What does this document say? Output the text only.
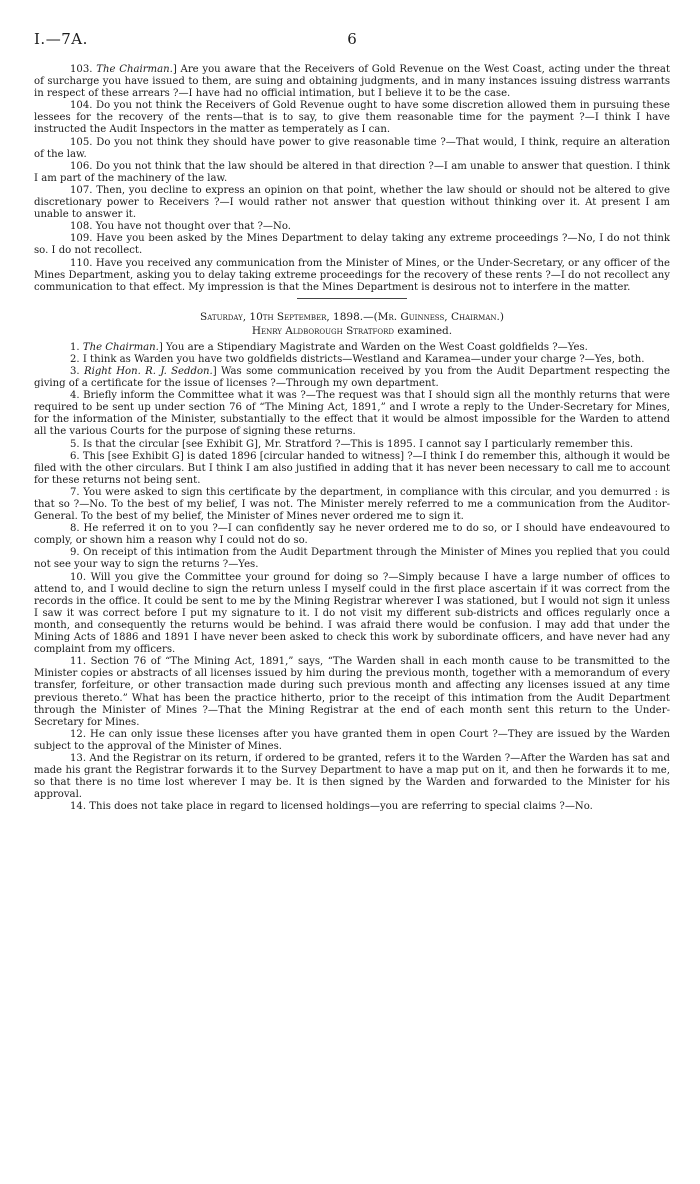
I.—7A.	6

103. The Chairman.] Are you aware that the Receivers of Gold Revenue on the West Coast, acting under the threat of surcharge you have issued to them, are suing and obtaining judgments, and in many instances issuing distress warrants in respect of these arrears ?—I have had no official intimation, but I believe it to be the case.

104. Do you not think the Receivers of Gold Revenue ought to have some discretion allowed them in pursuing these lessees for the recovery of the rents—that is to say, to give them reasonable time for the payment ?—I think I have instructed the Audit Inspectors in the matter as temperately as I can.

105. Do you not think they should have power to give reasonable time ?—That would, I think, require an alteration of the law.

106. Do you not think that the law should be altered in that direction ?—I am unable to answer that question. I think I am part of the machinery of the law.

107. Then, you decline to express an opinion on that point, whether the law should or should not be altered to give discretionary power to Receivers ?—I would rather not answer that question without thinking over it. At present I am unable to answer it.

108. You have not thought over that ?—No.

109. Have you been asked by the Mines Department to delay taking any extreme proceedings ?—No, I do not think so. I do not recollect.

110. Have you received any communication from the Minister of Mines, or the Under-Secretary, or any officer of the Mines Department, asking you to delay taking extreme proceedings for the recovery of these rents ?—I do not recollect any communication to that effect. My impression is that the Mines Department is desirous not to interfere in the matter.

Saturday, 10th September, 1898.—(Mr. Guinness, Chairman.)

Henry Aldborough Stratford examined.

1. The Chairman.] You are a Stipendiary Magistrate and Warden on the West Coast goldfields ?—Yes.

2. I think as Warden you have two goldfields districts—Westland and Karamea—under your charge ?—Yes, both.

3. Right Hon. R. J. Seddon.] Was some communication received by you from the Audit Department respecting the giving of a certificate for the issue of licenses ?—Through my own department.

4. Briefly inform the Committee what it was ?—The request was that I should sign all the monthly returns that were required to be sent up under section 76 of “The Mining Act, 1891,” and I wrote a reply to the Under-Secretary for Mines, for the information of the Minister, substantially to the effect that it would be almost impossible for the Warden to attend all the various Courts for the purpose of signing these returns.

5. Is that the circular [see Exhibit G], Mr. Stratford ?—This is 1895. I cannot say I particularly remember this.

6. This [see Exhibit G] is dated 1896 [circular handed to witness] ?—I think I do remember this, although it would be filed with the other circulars. But I think I am also justified in adding that it has never been necessary to call me to account for these returns not being sent.

7. You were asked to sign this certificate by the department, in compliance with this circular, and you demurred : is that so ?—No. To the best of my belief, I was not. The Minister merely referred to me a communication from the Auditor-General. To the best of my belief, the Minister of Mines never ordered me to sign it.

8. He referred it on to you ?—I can confidently say he never ordered me to do so, or I should have endeavoured to comply, or shown him a reason why I could not do so.

9. On receipt of this intimation from the Audit Department through the Minister of Mines you replied that you could not see your way to sign the returns ?—Yes.

10. Will you give the Committee your ground for doing so ?—Simply because I have a large number of offices to attend to, and I would decline to sign the return unless I myself could in the first place ascertain if it was correct from the records in the office. It could be sent to me by the Mining Registrar wherever I was stationed, but I would not sign it unless I saw it was correct before I put my signature to it. I do not visit my different sub-districts and offices regularly once a month, and consequently the returns would be behind. I was afraid there would be confusion. I may add that under the Mining Acts of 1886 and 1891 I have never been asked to check this work by subordinate officers, and have never had any complaint from my officers.

11. Section 76 of “The Mining Act, 1891,” says, “The Warden shall in each month cause to be transmitted to the Minister copies or abstracts of all licenses issued by him during the previous month, together with a memorandum of every transfer, forfeiture, or other transaction made during such previous month and affecting any licenses issued at any time previous thereto.” What has been the practice hitherto, prior to the receipt of this intimation from the Audit Department through the Minister of Mines ?—That the Mining Registrar at the end of each month sent this return to the Under-Secretary for Mines.

12. He can only issue these licenses after you have granted them in open Court ?—They are issued by the Warden subject to the approval of the Minister of Mines.

13. And the Registrar on its return, if ordered to be granted, refers it to the Warden ?—After the Warden has sat and made his grant the Registrar forwards it to the Survey Department to have a map put on it, and then he forwards it to me, so that there is no time lost wherever I may be. It is then signed by the Warden and forwarded to the Minister for his approval.

14. This does not take place in regard to licensed holdings—you are referring to special claims ?—No.
